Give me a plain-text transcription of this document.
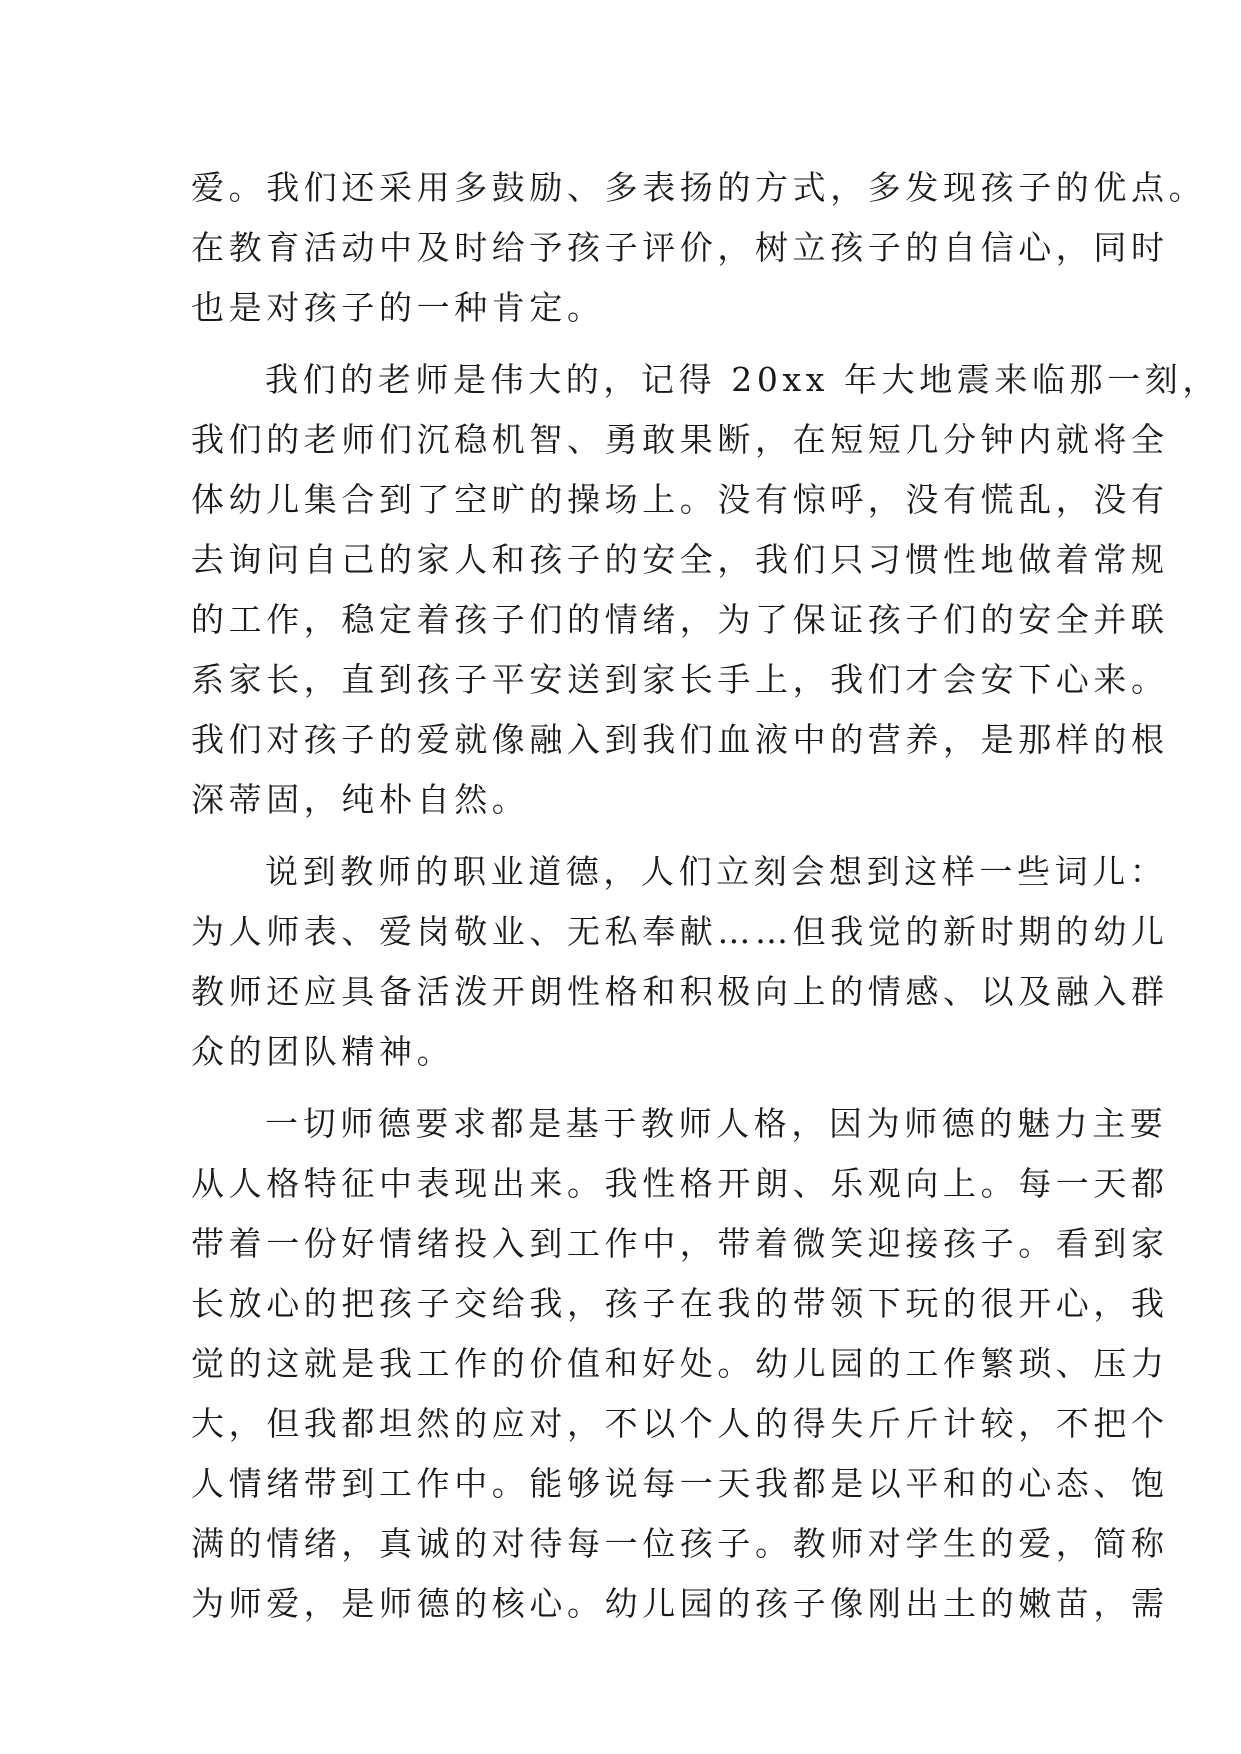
爱。我们还采用多鼓励、多表扬的方式，多发现孩子的优点。
在教育活动中及时给予孩子评价，树立孩子的自信心，同时
也是对孩子的一种肯定。
我们的老师是伟大的，记得 20xx 年大地震来临那一刻，
我们的老师们沉稳机智、勇敢果断，在短短几分钟内就将全
体幼儿集合到了空旷的操场上。没有惊呼，没有慌乱，没有
去询问自己的家人和孩子的安全，我们只习惯性地做着常规
的工作，稳定着孩子们的情绪，为了保证孩子们的安全并联
系家长，直到孩子平安送到家长手上，我们才会安下心来。
我们对孩子的爱就像融入到我们血液中的营养，是那样的根
深蒂固，纯朴自然。
说到教师的职业道德，人们立刻会想到这样一些词儿：
为人师表、爱岗敬业、无私奉献……但我觉的新时期的幼儿
教师还应具备活泼开朗性格和积极向上的情感、以及融入群
众的团队精神。
一切师德要求都是基于教师人格，因为师德的魅力主要
从人格特征中表现出来。我性格开朗、乐观向上。每一天都
带着一份好情绪投入到工作中，带着微笑迎接孩子。看到家
长放心的把孩子交给我，孩子在我的带领下玩的很开心，我
觉的这就是我工作的价值和好处。幼儿园的工作繁琐、压力
大，但我都坦然的应对，不以个人的得失斤斤计较，不把个
人情绪带到工作中。能够说每一天我都是以平和的心态、饱
满的情绪，真诚的对待每一位孩子。教师对学生的爱，简称
为师爱，是师德的核心。幼儿园的孩子像刚出土的嫩苗，需
